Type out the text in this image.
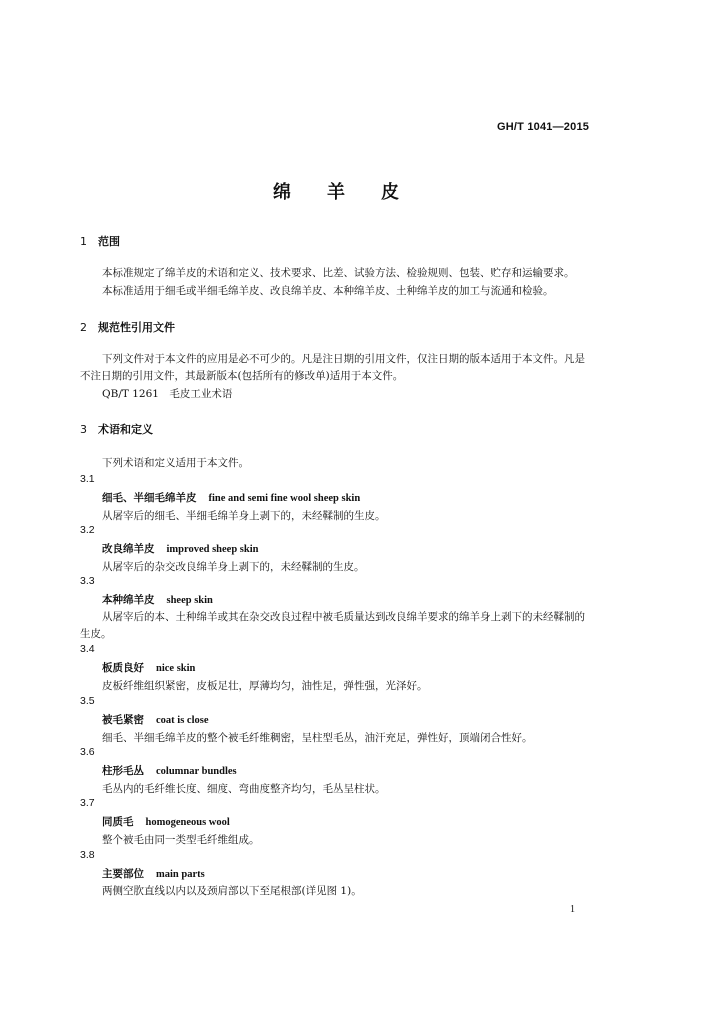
GH/T 1041—2015
绵 羊 皮
1 范围
本标准规定了绵羊皮的术语和定义、技术要求、比差、试验方法、检验规则、包装、贮存和运输要求。
本标准适用于细毛或半细毛绵羊皮、改良绵羊皮、本种绵羊皮、土种绵羊皮的加工与流通和检验。
2 规范性引用文件
下列文件对于本文件的应用是必不可少的。凡是注日期的引用文件，仅注日期的版本适用于本文件。凡是不注日期的引用文件，其最新版本(包括所有的修改单)适用于本文件。
QB/T 1261　毛皮工业术语
3 术语和定义
下列术语和定义适用于本文件。
3.1
细毛、半细毛绵羊皮 fine and semi fine wool sheep skin
从屠宰后的细毛、半细毛绵羊身上剥下的，未经鞣制的生皮。
3.2
改良绵羊皮 improved sheep skin
从屠宰后的杂交改良绵羊身上剥下的，未经鞣制的生皮。
3.3
本种绵羊皮 sheep skin
从屠宰后的本、土种绵羊或其在杂交改良过程中被毛质量达到改良绵羊要求的绵羊身上剥下的未经鞣制的生皮。
3.4
板质良好 nice skin
皮板纤维组织紧密，皮板足壮，厚薄均匀，油性足，弹性强，光泽好。
3.5
被毛紧密 coat is close
细毛、半细毛绵羊皮的整个被毛纤维稠密，呈柱型毛丛，油汗充足，弹性好，顶端闭合性好。
3.6
柱形毛丛 columnar bundles
毛丛内的毛纤维长度、细度、弯曲度整齐均匀，毛丛呈柱状。
3.7
同质毛 homogeneous wool
整个被毛由同一类型毛纤维组成。
3.8
主要部位 main parts
两侧空肷直线以内以及颈肩部以下至尾根部(详见图 1)。
1
